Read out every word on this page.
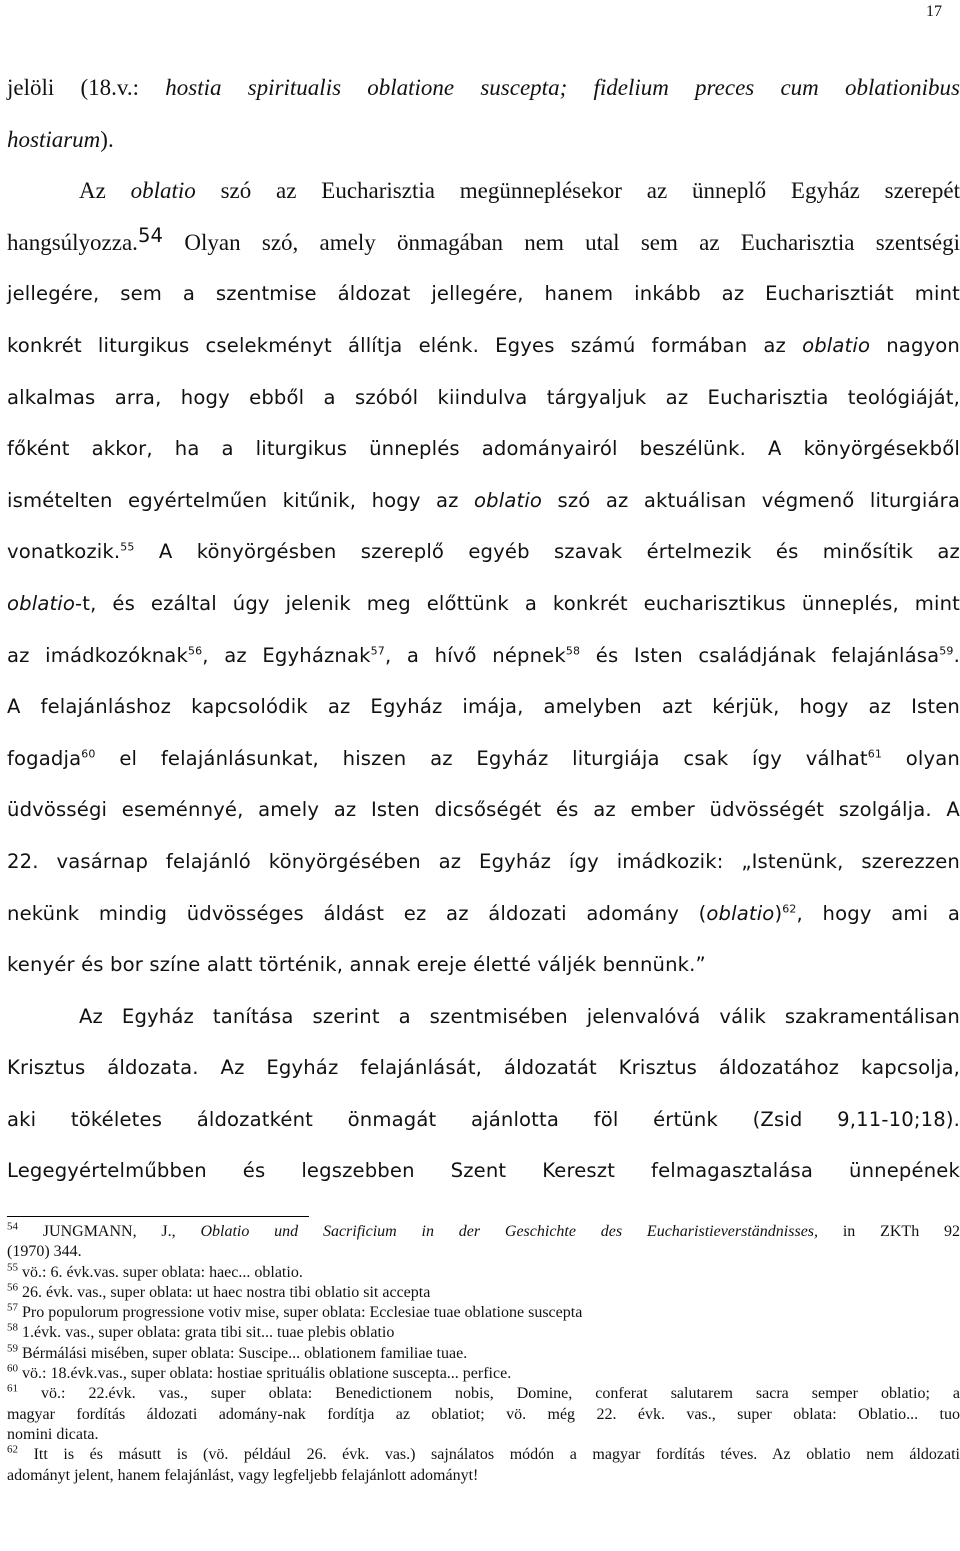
17
jelöli (18.v.: hostia spiritualis oblatione suscepta; fidelium preces cum oblationibus
hostiarum).
Az oblatio szó az Eucharisztia megünneplésekor az ünneplő Egyház szerepét
hangsúlyozza.$^{54}$ Olyan szó, amely önmagában nem utal sem az Eucharisztia szentségi
jellegére, sem a szentmise áldozat jellegére, hanem inkább az Eucharisztiát mint
konkrét liturgikus cselekményt állítja elénk. Egyes számú formában az oblatio nagyon
alkalmas arra, hogy ebből a szóból kiindulva tárgyaljuk az Eucharisztia teológiáját,
főként akkor, ha a liturgikus ünneplés adományairól beszélünk. A könyörgésekből
ismételten egyértelműen kitűnik, hogy az oblatio szó az aktuálisan végmenő liturgiára
vonatkozik.$^{55}$ A könyörgésben szereplő egyéb szavak értelmezik és minősítik az
oblatio-t, és ezáltal úgy jelenik meg előttünk a konkrét eucharisztikus ünneplés, mint
az imádkozóknak$^{56}$, az Egyháznak$^{57}$, a hívő népnek$^{58}$ és Isten családjának felajánlása$^{59}$.
A felajánláshoz kapcsolódik az Egyház imája, amelyben azt kérjük, hogy az Isten
fogadja$^{60}$ el felajánlásunkat, hiszen az Egyház liturgiája csak így válhat$^{61}$ olyan
üdvösségi eseménnyé, amely az Isten dicsőségét és az ember üdvösségét szolgálja. A
22. vasárnap felajánló könyörgésében az Egyház így imádkozik: „Istenünk, szerezzen
nekünk mindig üdvösséges áldást ez az áldozati adomány (oblatio)$^{62}$, hogy ami a
kenyér és bor színe alatt történik, annak ereje életté váljék bennünk.”
Az Egyház tanítása szerint a szentmisében jelenvalóvá válik szakramentálisan
Krisztus áldozata. Az Egyház felajánlását, áldozatát Krisztus áldozatához kapcsolja,
aki tökéletes áldozatként önmagát ajánlotta föl értünk (Zsid 9,11-10;18).
Legegyértelműbben és legszebben Szent Kereszt felmagasztalása ünnepének
$^{54}$ JUNGMANN, J., Oblatio und Sacrificium in der Geschichte des Eucharistieverständnisses, in ZKTh 92
(1970) 344.
$^{55}$ vö.: 6. évk.vas. super oblata: haec... oblatio.
$^{56}$ 26. évk. vas., super oblata: ut haec nostra tibi oblatio sit accepta
$^{57}$ Pro populorum progressione votiv mise, super oblata: Ecclesiae tuae oblatione suscepta
$^{58}$ 1.évk. vas., super oblata: grata tibi sit... tuae plebis oblatio
$^{59}$ Bérmálási misében, super oblata: Suscipe... oblationem familiae tuae.
$^{60}$ vö.: 18.évk.vas., super oblata: hostiae sprituális oblatione suscepta... perfice.
$^{61}$ vö.: 22.évk. vas., super oblata: Benedictionem nobis, Domine, conferat salutarem sacra semper oblatio; a
magyar fordítás áldozati adomány-nak fordítja az oblatiot; vö. még 22. évk. vas., super oblata: Oblatio... tuo
nomini dicata.
$^{62}$ Itt is és másutt is (vö. például 26. évk. vas.) sajnálatos módón a magyar fordítás téves. Az oblatio nem áldozati
adományt jelent, hanem felajánlást, vagy legfeljebb felajánlott adományt!
